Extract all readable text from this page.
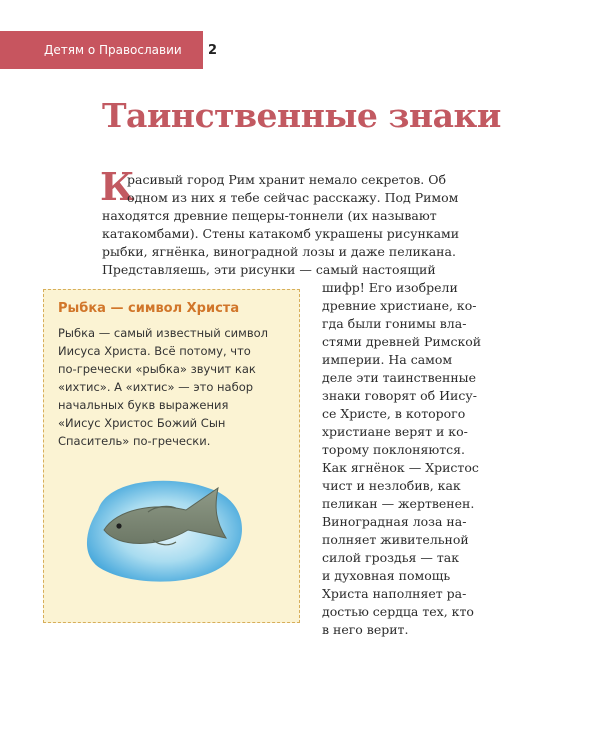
Детям о Православии 2
Таинственные знаки
К
расивый город Рим хранит немало секретов. Об
одном из них я тебе сейчас расскажу. Под Римом
находятся древние пещеры-тоннели (их называют
катакомбами). Стены катакомб украшены рисунками
рыбки, ягнёнка, виноградной лозы и даже пеликана.
Представляешь, эти рисунки — самый настоящий
шифр! Его изобрели
древние христиане, ко-
гда были гонимы вла-
стями древней Римской
империи. На самом
деле эти таинственные
знаки говорят об Иису-
се Христе, в которого
христиане верят и ко-
торому поклоняются.
Как ягнёнок — Христос
чист и незлобив, как
пеликан — жертвенен.
Виноградная лоза на-
полняет живительной
силой гроздья — так
и духовная помощь
Христа наполняет ра-
достью сердца тех, кто
в него верит.
Рыбка — символ Христа
Рыбка — самый известный символ
Иисуса Христа. Всё потому, что
по-гречески «рыбка» звучит как
«ихтис». А «ихтис» — это набор
начальных букв выражения
«Иисус Христос Божий Сын
Спаситель» по-гречески.
